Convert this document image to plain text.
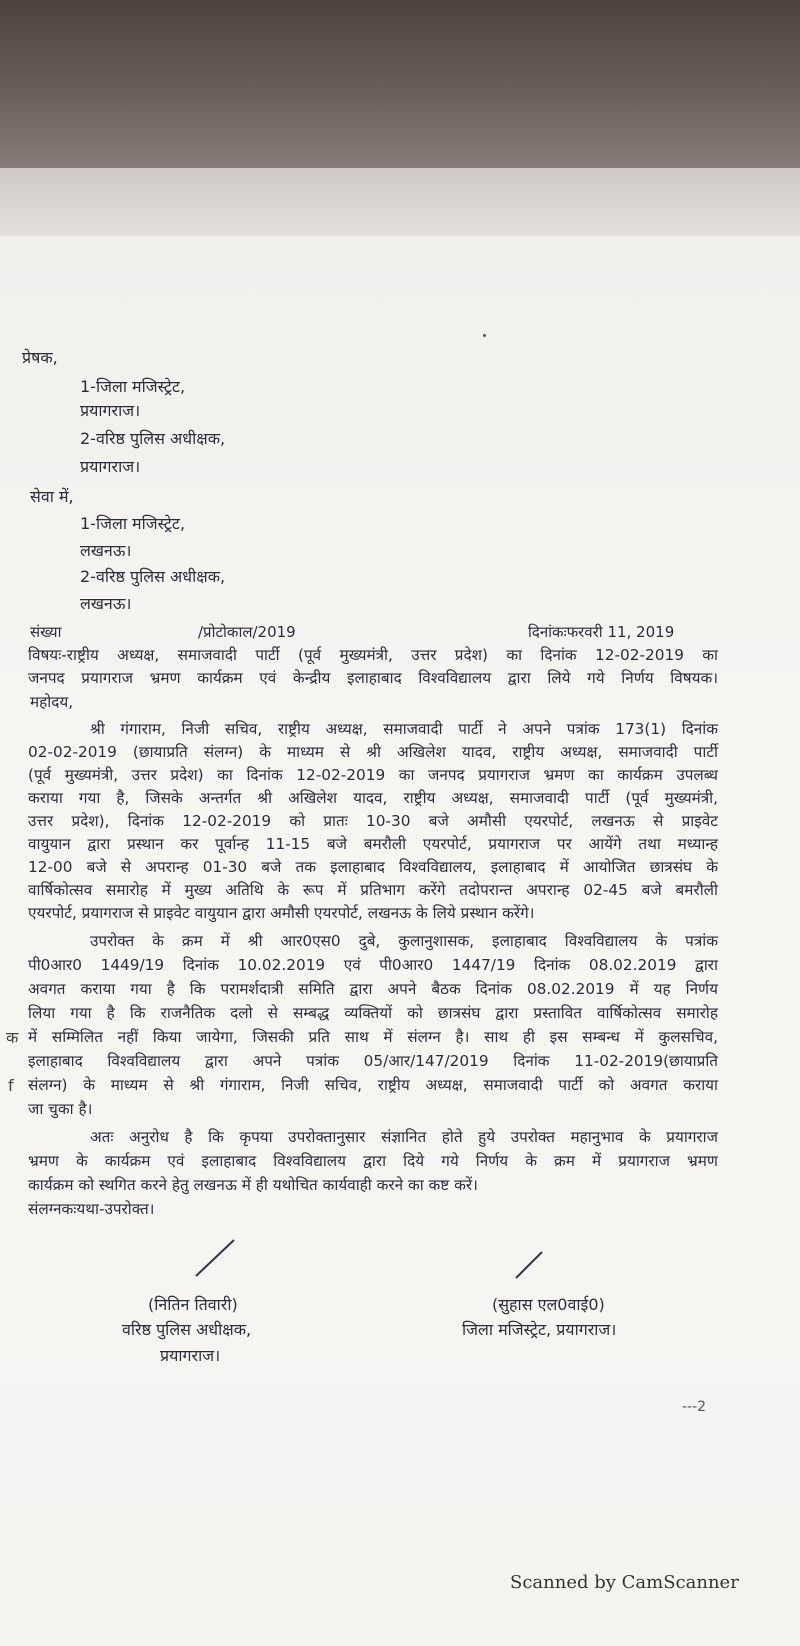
प्रेषक,
1-जिला मजिस्ट्रेट,
प्रयागराज।
2-वरिष्ठ पुलिस अधीक्षक,
प्रयागराज।
सेवा में,
1-जिला मजिस्ट्रेट,
लखनऊ।
2-वरिष्ठ पुलिस अधीक्षक,
लखनऊ।
संख्या	/प्रोटोकाल/2019	दिनांकःफरवरी 11, 2019
विषयः-राष्ट्रीय अध्यक्ष, समाजवादी पार्टी (पूर्व मुख्यमंत्री, उत्तर प्रदेश) का दिनांक 12-02-2019 का
जनपद प्रयागराज भ्रमण कार्यक्रम एवं केन्द्रीय इलाहाबाद विश्वविद्यालय द्वारा लिये गये निर्णय विषयक।
महोदय,
श्री गंगाराम, निजी सचिव, राष्ट्रीय अध्यक्ष, समाजवादी पार्टी ने अपने पत्रांक 173(1) दिनांक
02-02-2019 (छायाप्रति संलग्न) के माध्यम से श्री अखिलेश यादव, राष्ट्रीय अध्यक्ष, समाजवादी पार्टी
(पूर्व मुख्यमंत्री, उत्तर प्रदेश) का दिनांक 12-02-2019 का जनपद प्रयागराज भ्रमण का कार्यक्रम उपलब्ध
कराया गया है, जिसके अन्तर्गत श्री अखिलेश यादव, राष्ट्रीय अध्यक्ष, समाजवादी पार्टी (पूर्व मुख्यमंत्री,
उत्तर प्रदेश), दिनांक 12-02-2019 को प्रातः 10-30 बजे अमौसी एयरपोर्ट, लखनऊ से प्राइवेट
वायुयान द्वारा प्रस्थान कर पूर्वान्ह 11-15 बजे बमरौली एयरपोर्ट, प्रयागराज पर आयेंगे तथा मध्यान्ह
12-00 बजे से अपरान्ह 01-30 बजे तक इलाहाबाद विश्वविद्यालय, इलाहाबाद में आयोजित छात्रसंघ के
वार्षिकोत्सव समारोह में मुख्य अतिथि के रूप में प्रतिभाग करेंगे तदोपरान्त अपरान्ह 02-45 बजे बमरौली
एयरपोर्ट, प्रयागराज से प्राइवेट वायुयान द्वारा अमौसी एयरपोर्ट, लखनऊ के लिये प्रस्थान करेंगे।
उपरोक्त के क्रम में श्री आर0एस0 दुबे, कुलानुशासक, इलाहाबाद विश्वविद्यालय के पत्रांक
पी0आर0 1449/19 दिनांक 10.02.2019 एवं पी0आर0 1447/19 दिनांक 08.02.2019 द्वारा
अवगत कराया गया है कि परामर्शदात्री समिति द्वारा अपने बैठक दिनांक 08.02.2019 में यह निर्णय
लिया गया है कि राजनैतिक दलो से सम्बद्ध व्यक्तियों को छात्रसंघ द्वारा प्रस्तावित वार्षिकोत्सव समारोह
में सम्मिलित नहीं किया जायेगा, जिसकी प्रति साथ में संलग्न है। साथ ही इस सम्बन्ध में कुलसचिव,
इलाहाबाद विश्वविद्यालय द्वारा अपने पत्रांक 05/आर/147/2019 दिनांक 11-02-2019(छायाप्रति
संलग्न) के माध्यम से श्री गंगाराम, निजी सचिव, राष्ट्रीय अध्यक्ष, समाजवादी पार्टी को अवगत कराया
जा चुका है।
अतः अनुरोध है कि कृपया उपरोक्तानुसार संज्ञानित होते हुये उपरोक्त महानुभाव के प्रयागराज
भ्रमण के कार्यक्रम एवं इलाहाबाद विश्वविद्यालय द्वारा दिये गये निर्णय के क्रम में प्रयागराज भ्रमण
कार्यक्रम को स्थगित करने हेतु लखनऊ में ही यथोचित कार्यवाही करने का कष्ट करें।
संलग्नकःयथा-उपरोक्त।
क
f
(नितिन तिवारी)
वरिष्ठ पुलिस अधीक्षक,
प्रयागराज।
(सुहास एल0वाई0)
जिला मजिस्ट्रेट, प्रयागराज।
---2
Scanned by CamScanner
